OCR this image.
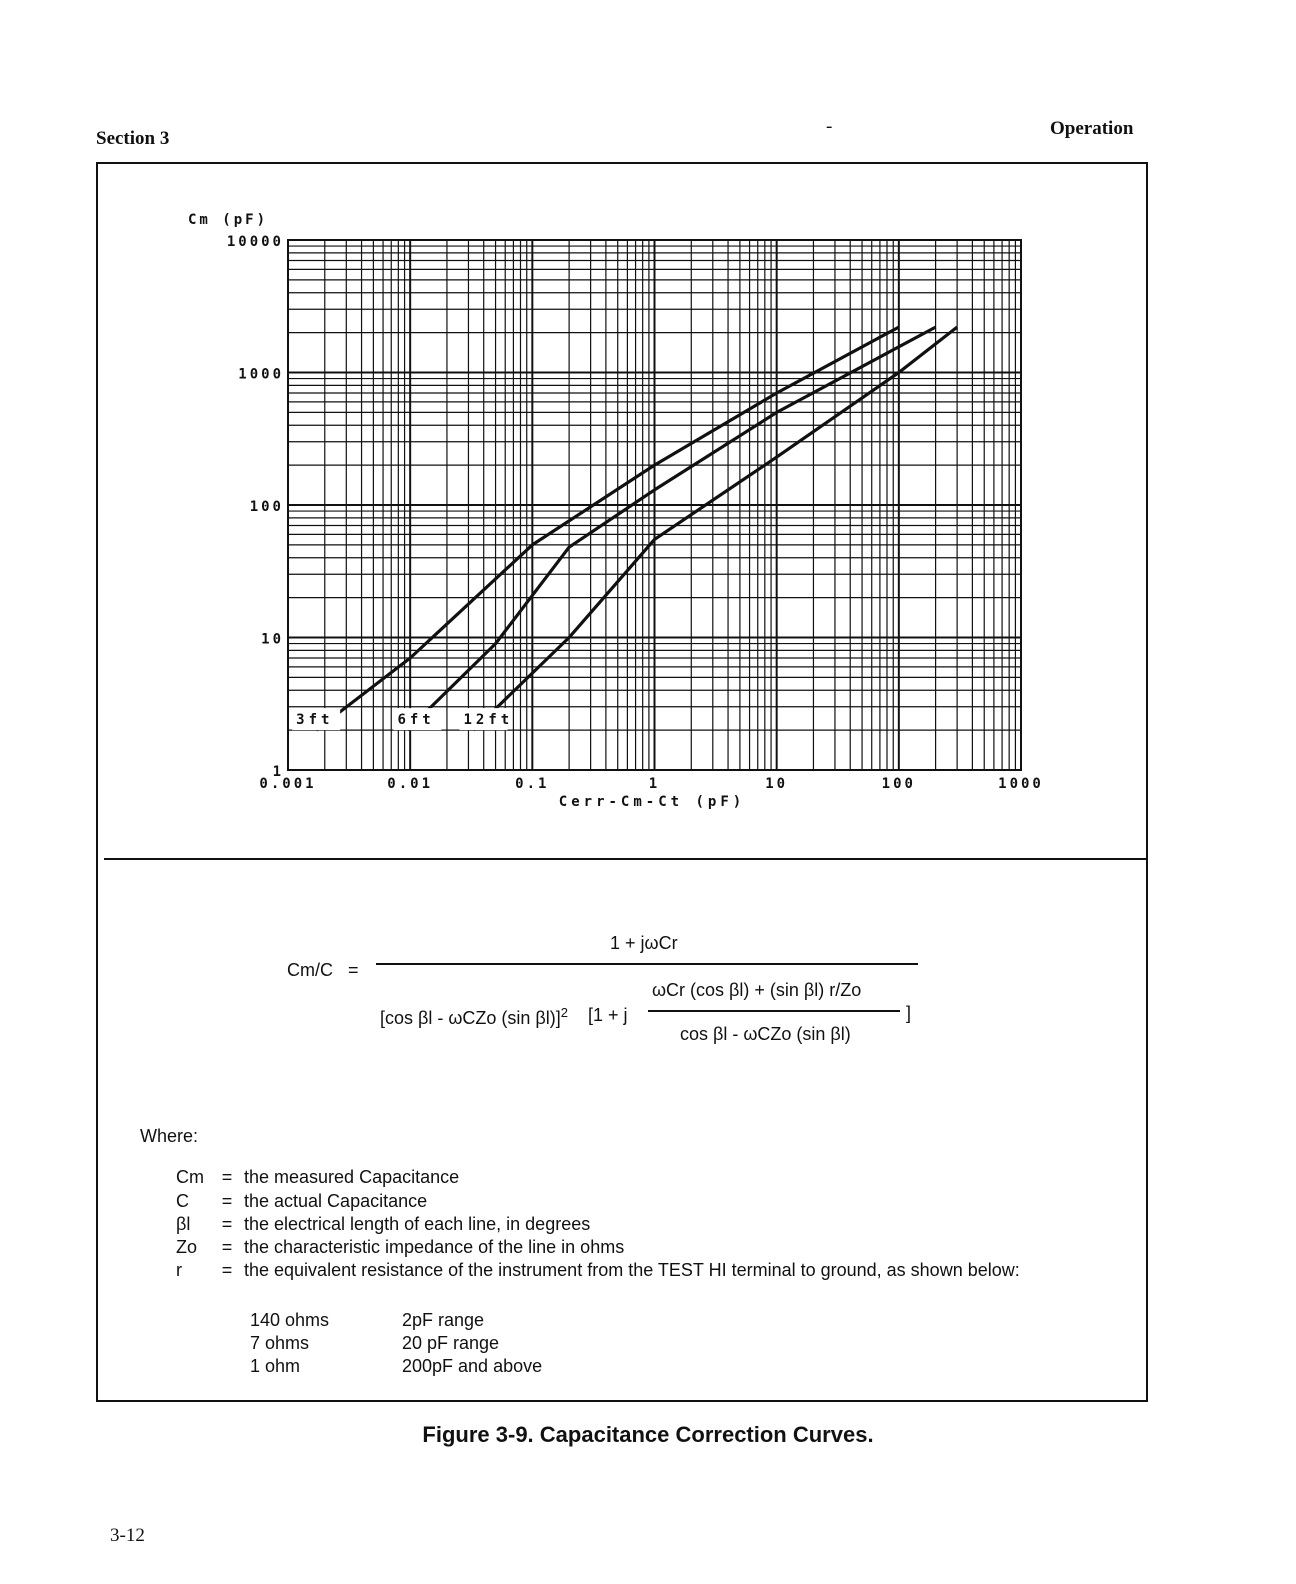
Section 3
-	Operation
3ft	6ft 12ft
1
10
100
1000
10000
0.001	0.01	0.1	1	10	100	1000
Cm (pF)
Cerr-Cm-Ct (pF)
Cm/C =
1 + jωCr
[cos βl - ωCZo (sin βl)]$^2$ [1 + j
ωCr (cos βl) + (sin βl) r/Zo
cos βl - ωCZo (sin βl)
]
Where:
Cm = the measured Capacitance
C = the actual Capacitance
βl = the electrical length of each line, in degrees
Zo = the characteristic impedance of the line in ohms
r = the equivalent resistance of the instrument from the TEST HI terminal to ground, as shown below:
140 ohms	2pF range
7 ohms	20 pF range
1 ohm	200pF and above
Figure 3-9. Capacitance Correction Curves.
3-12
